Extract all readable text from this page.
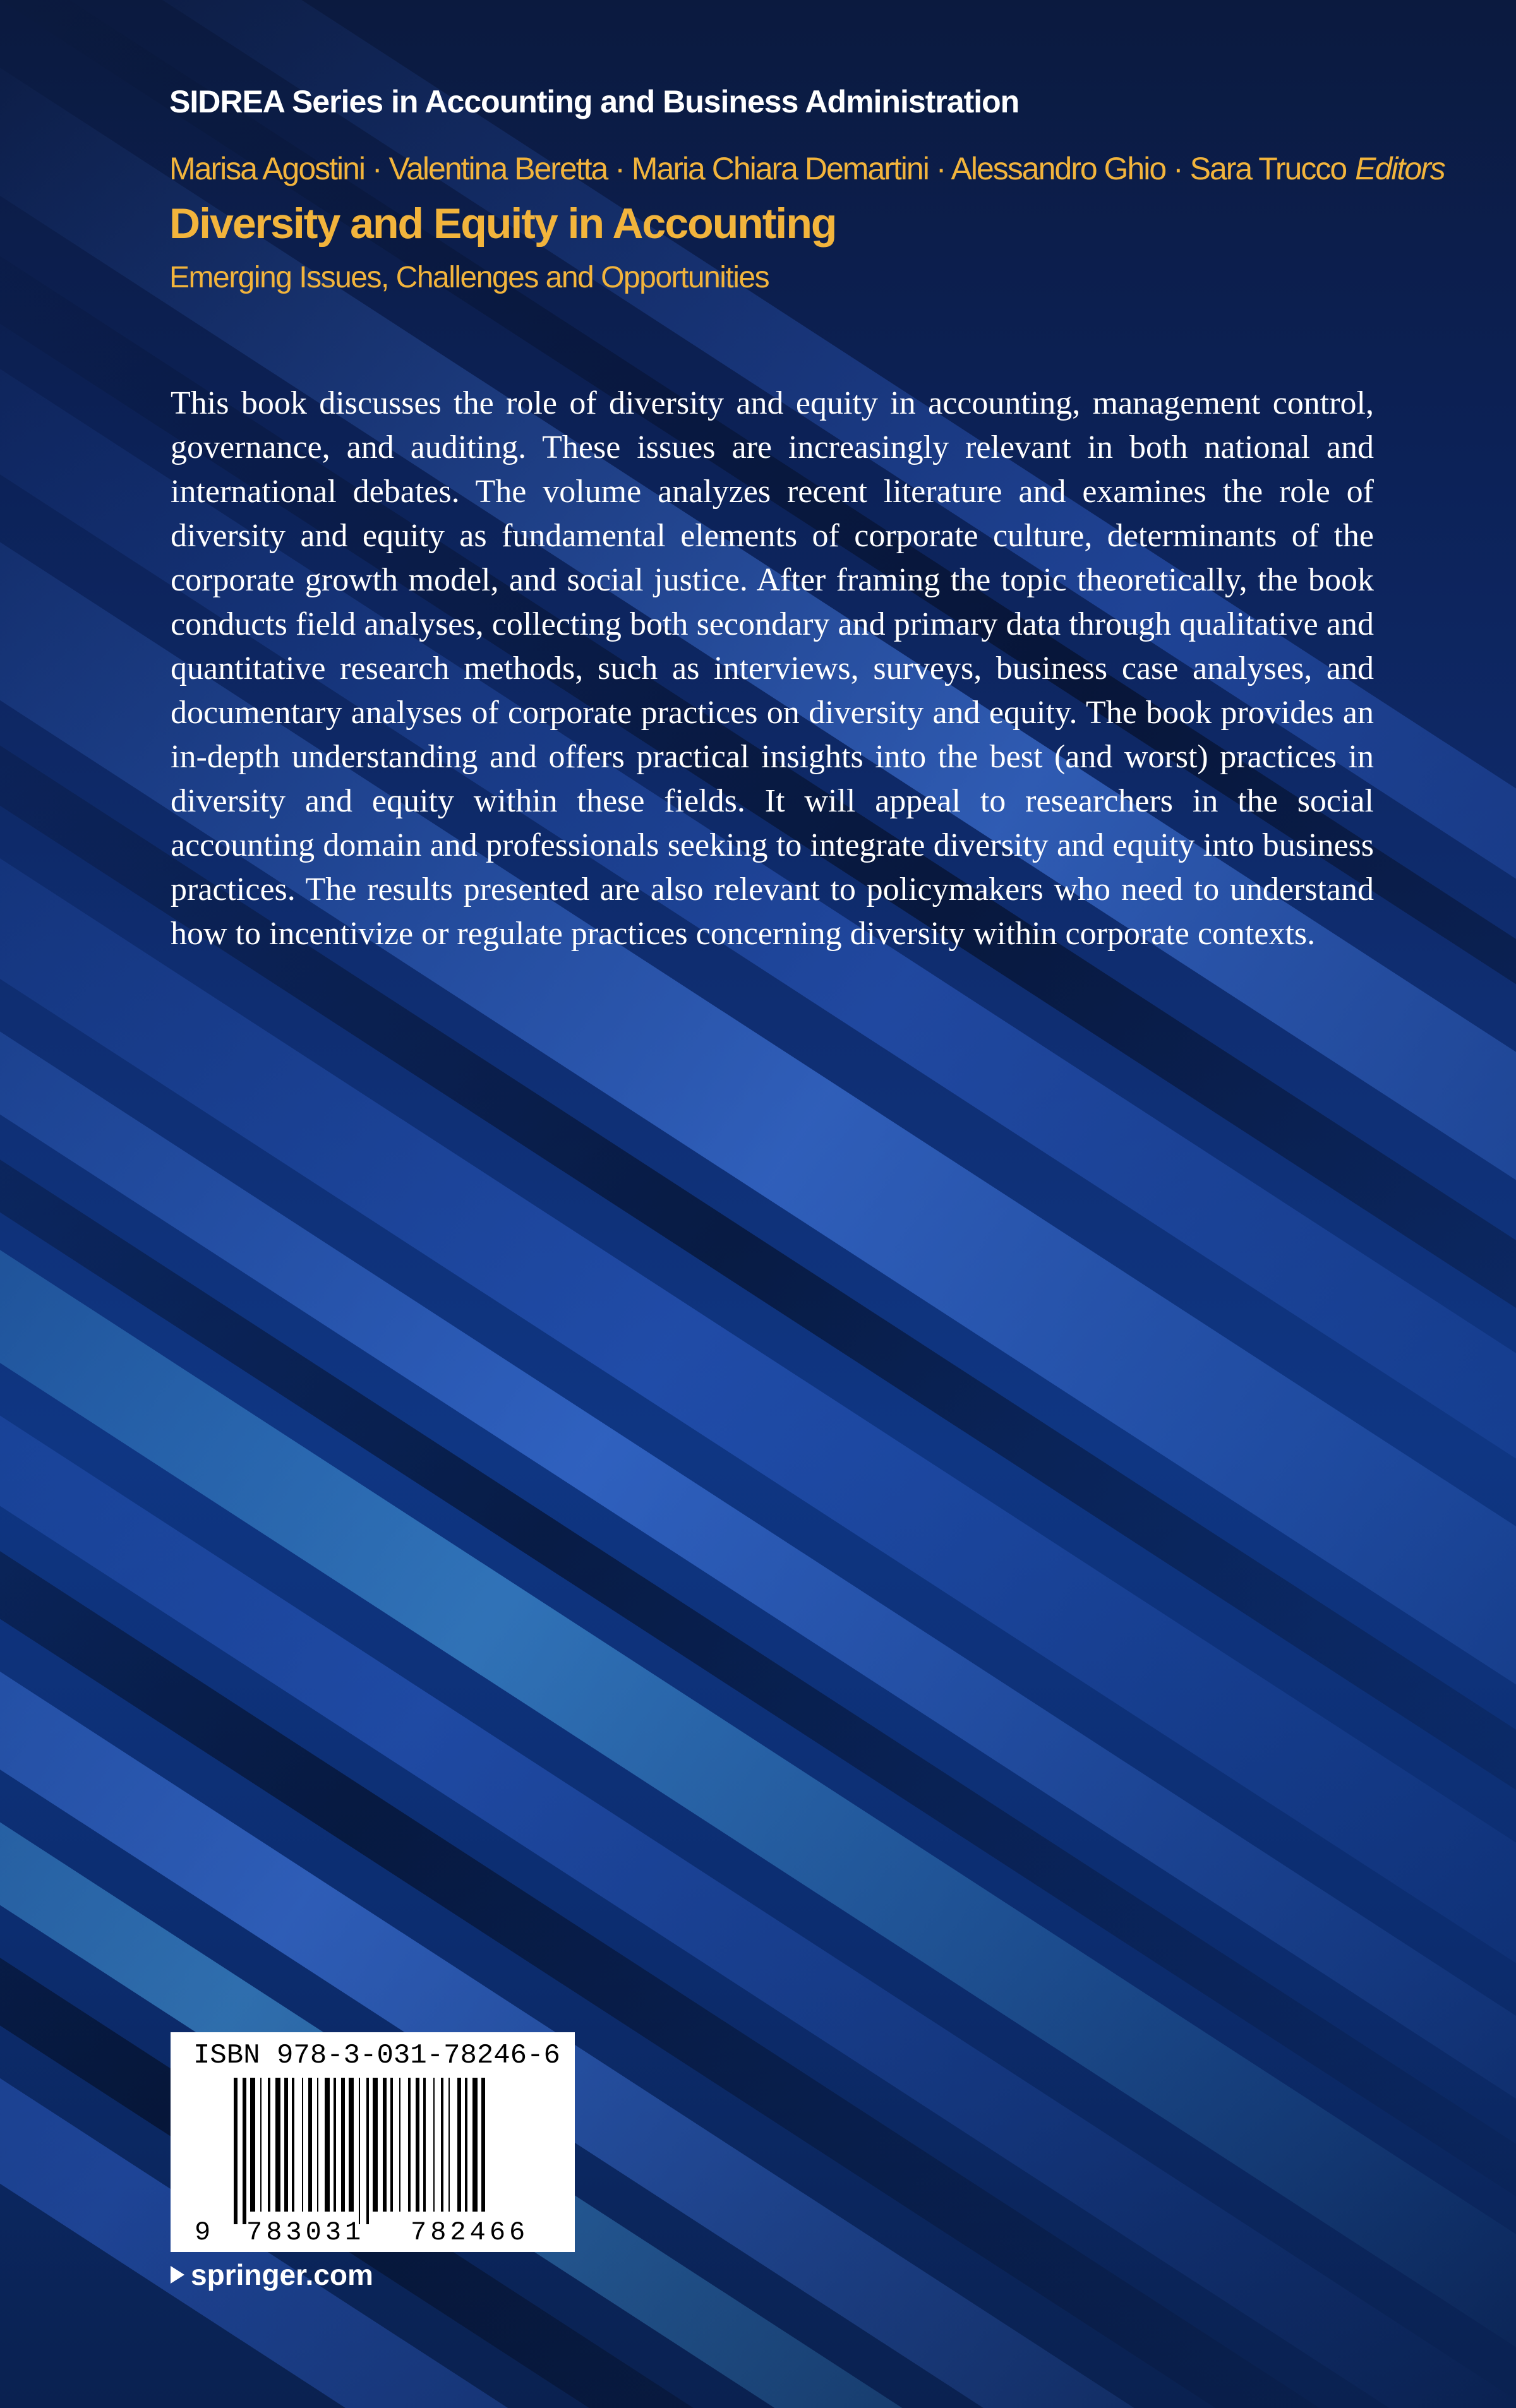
SIDREA Series in Accounting and Business Administration
Marisa Agostini · Valentina Beretta · Maria Chiara Demartini · Alessandro Ghio · Sara Trucco Editors
Diversity and Equity in Accounting
Emerging Issues, Challenges and Opportunities

This book discusses the role of diversity and equity in accounting, management control, governance, and auditing. These issues are increasingly relevant in both national and international debates. The volume analyzes recent literature and examines the role of diversity and equity as fundamental elements of corporate culture, determinants of the corporate growth model, and social justice. After framing the topic theoretically, the book conducts field analyses, collecting both secondary and primary data through qualitative and quantitative research methods, such as interviews, surveys, business case analyses, and documentary analyses of corporate practices on diversity and equity. The book provides an in-depth understanding and offers practical insights into the best (and worst) practices in diversity and equity within these fields. It will appeal to researchers in the social accounting domain and professionals seeking to integrate diversity and equity into business practices. The results presented are also relevant to policymakers who need to understand how to incentivize or regulate practices concerning diversity within corporate contexts.

ISBN 978-3-031-78246-6
9 783031 782466
springer.com
